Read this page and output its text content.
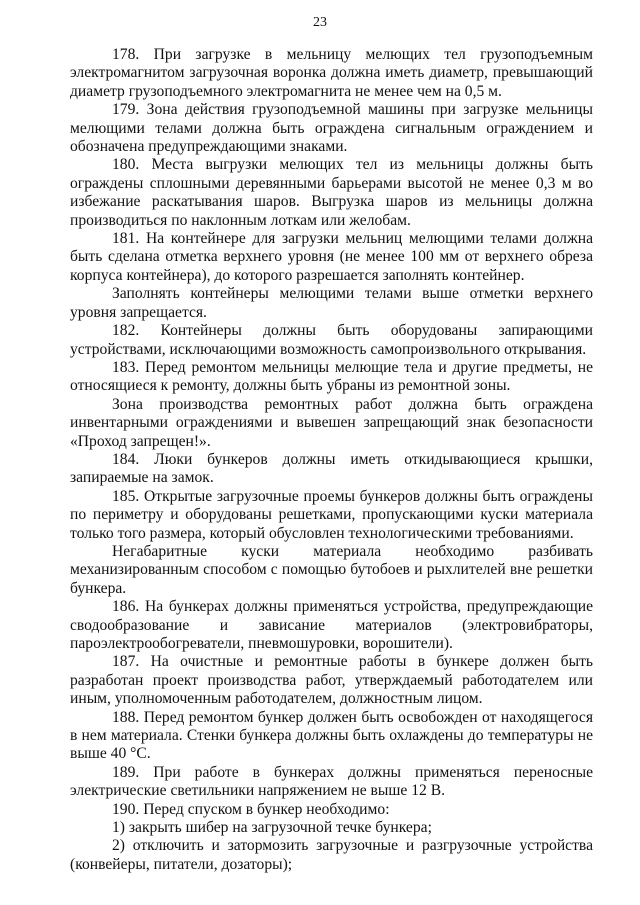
23

178. При загрузке в мельницу мелющих тел грузоподъемным электромагнитом загрузочная воронка должна иметь диаметр, превышающий диаметр грузоподъемного электромагнита не менее чем на 0,5 м.

179. Зона действия грузоподъемной машины при загрузке мельницы мелющими телами должна быть ограждена сигнальным ограждением и обозначена предупреждающими знаками.

180. Места выгрузки мелющих тел из мельницы должны быть ограждены сплошными деревянными барьерами высотой не менее 0,3 м во избежание раскатывания шаров. Выгрузка шаров из мельницы должна производиться по наклонным лоткам или желобам.

181. На контейнере для загрузки мельниц мелющими телами должна быть сделана отметка верхнего уровня (не менее 100 мм от верхнего обреза корпуса контейнера), до которого разрешается заполнять контейнер.

Заполнять контейнеры мелющими телами выше отметки верхнего уровня запрещается.

182. Контейнеры должны быть оборудованы запирающими устройствами, исключающими возможность самопроизвольного открывания.

183. Перед ремонтом мельницы мелющие тела и другие предметы, не относящиеся к ремонту, должны быть убраны из ремонтной зоны.

Зона производства ремонтных работ должна быть ограждена инвентарными ограждениями и вывешен запрещающий знак безопасности «Проход запрещен!».

184. Люки бункеров должны иметь откидывающиеся крышки, запираемые на замок.

185. Открытые загрузочные проемы бункеров должны быть ограждены по периметру и оборудованы решетками, пропускающими куски материала только того размера, который обусловлен технологическими требованиями.

Негабаритные куски материала необходимо разбивать механизированным способом с помощью бутобоев и рыхлителей вне решетки бункера.

186. На бункерах должны применяться устройства, предупреждающие сводообразование и зависание материалов (электровибраторы, пароэлектрообогреватели, пневмошуровки, ворошители).

187. На очистные и ремонтные работы в бункере должен быть разработан проект производства работ, утверждаемый работодателем или иным, уполномоченным работодателем, должностным лицом.

188. Перед ремонтом бункер должен быть освобожден от находящегося в нем материала. Стенки бункера должны быть охлаждены до температуры не выше 40 °С.

189. При работе в бункерах должны применяться переносные электрические светильники напряжением не выше 12 В.

190. Перед спуском в бункер необходимо:

1) закрыть шибер на загрузочной течке бункера;

2) отключить и затормозить загрузочные и разгрузочные устройства (конвейеры, питатели, дозаторы);
